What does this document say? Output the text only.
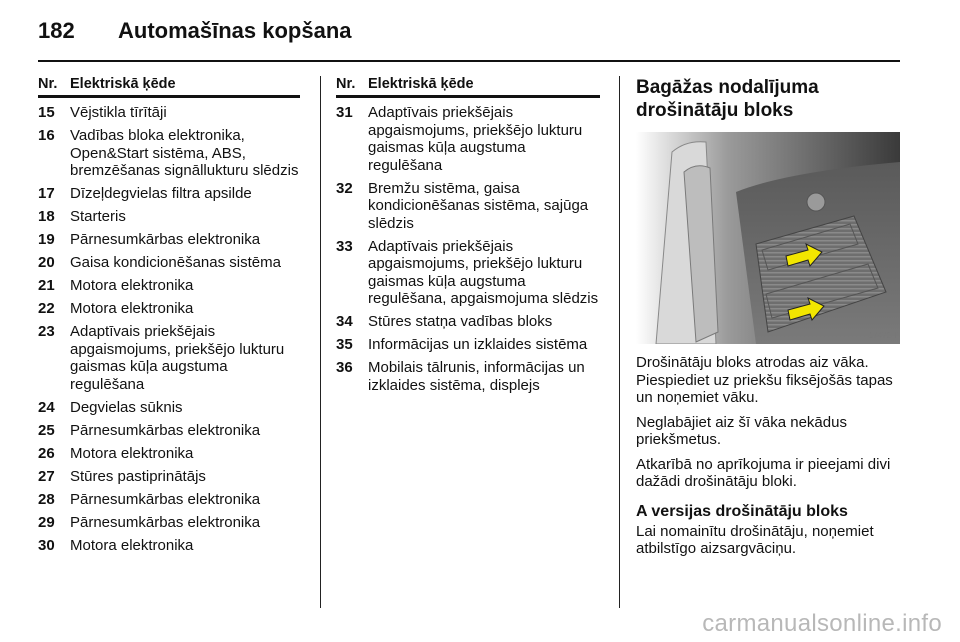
182 Automašīnas kopšana
Nr. Elektriskā ķēde
15	Vējstikla tīrītāji
16	Vadības bloka elektronika, Open&Start sistēma, ABS, bremzēšanas signāllukturu slēdzis
17	Dīzeļdegvielas filtra apsilde
18	Starteris
19	Pārnesumkārbas elektronika
20	Gaisa kondicionēšanas sistēma
21	Motora elektronika
22	Motora elektronika
23	Adaptīvais priekšējais apgaismojums, priekšējo lukturu gaismas kūļa augstuma regulēšana
24	Degvielas sūknis
25	Pārnesumkārbas elektronika
26	Motora elektronika
27	Stūres pastiprinātājs
28	Pārnesumkārbas elektronika
29	Pārnesumkārbas elektronika
30	Motora elektronika
Nr. Elektriskā ķēde
31	Adaptīvais priekšējais apgaismojums, priekšējo lukturu gaismas kūļa augstuma regulēšana
32	Bremžu sistēma, gaisa kondicionēšanas sistēma, sajūga slēdzis
33	Adaptīvais priekšējais apgaismojums, priekšējo lukturu gaismas kūļa augstuma regulēšana, apgaismojuma slēdzis
34	Stūres statņa vadības bloks
35	Informācijas un izklaides sistēma
36	Mobilais tālrunis, informācijas un izklaides sistēma, displejs
Bagāžas nodalījuma drošinātāju bloks
17472 T

Drošinātāju bloks atrodas aiz vāka. Piespiediet uz priekšu fiksējošās tapas un noņemiet vāku.

Neglabājiet aiz šī vāka nekādus priekšmetus.

Atkarībā no aprīkojuma ir pieejami divi dažādi drošinātāju bloki.

A versijas drošinātāju bloks

Lai nomainītu drošinātāju, noņemiet atbilstīgo aizsargvāciņu.

carmanualsonline.info
